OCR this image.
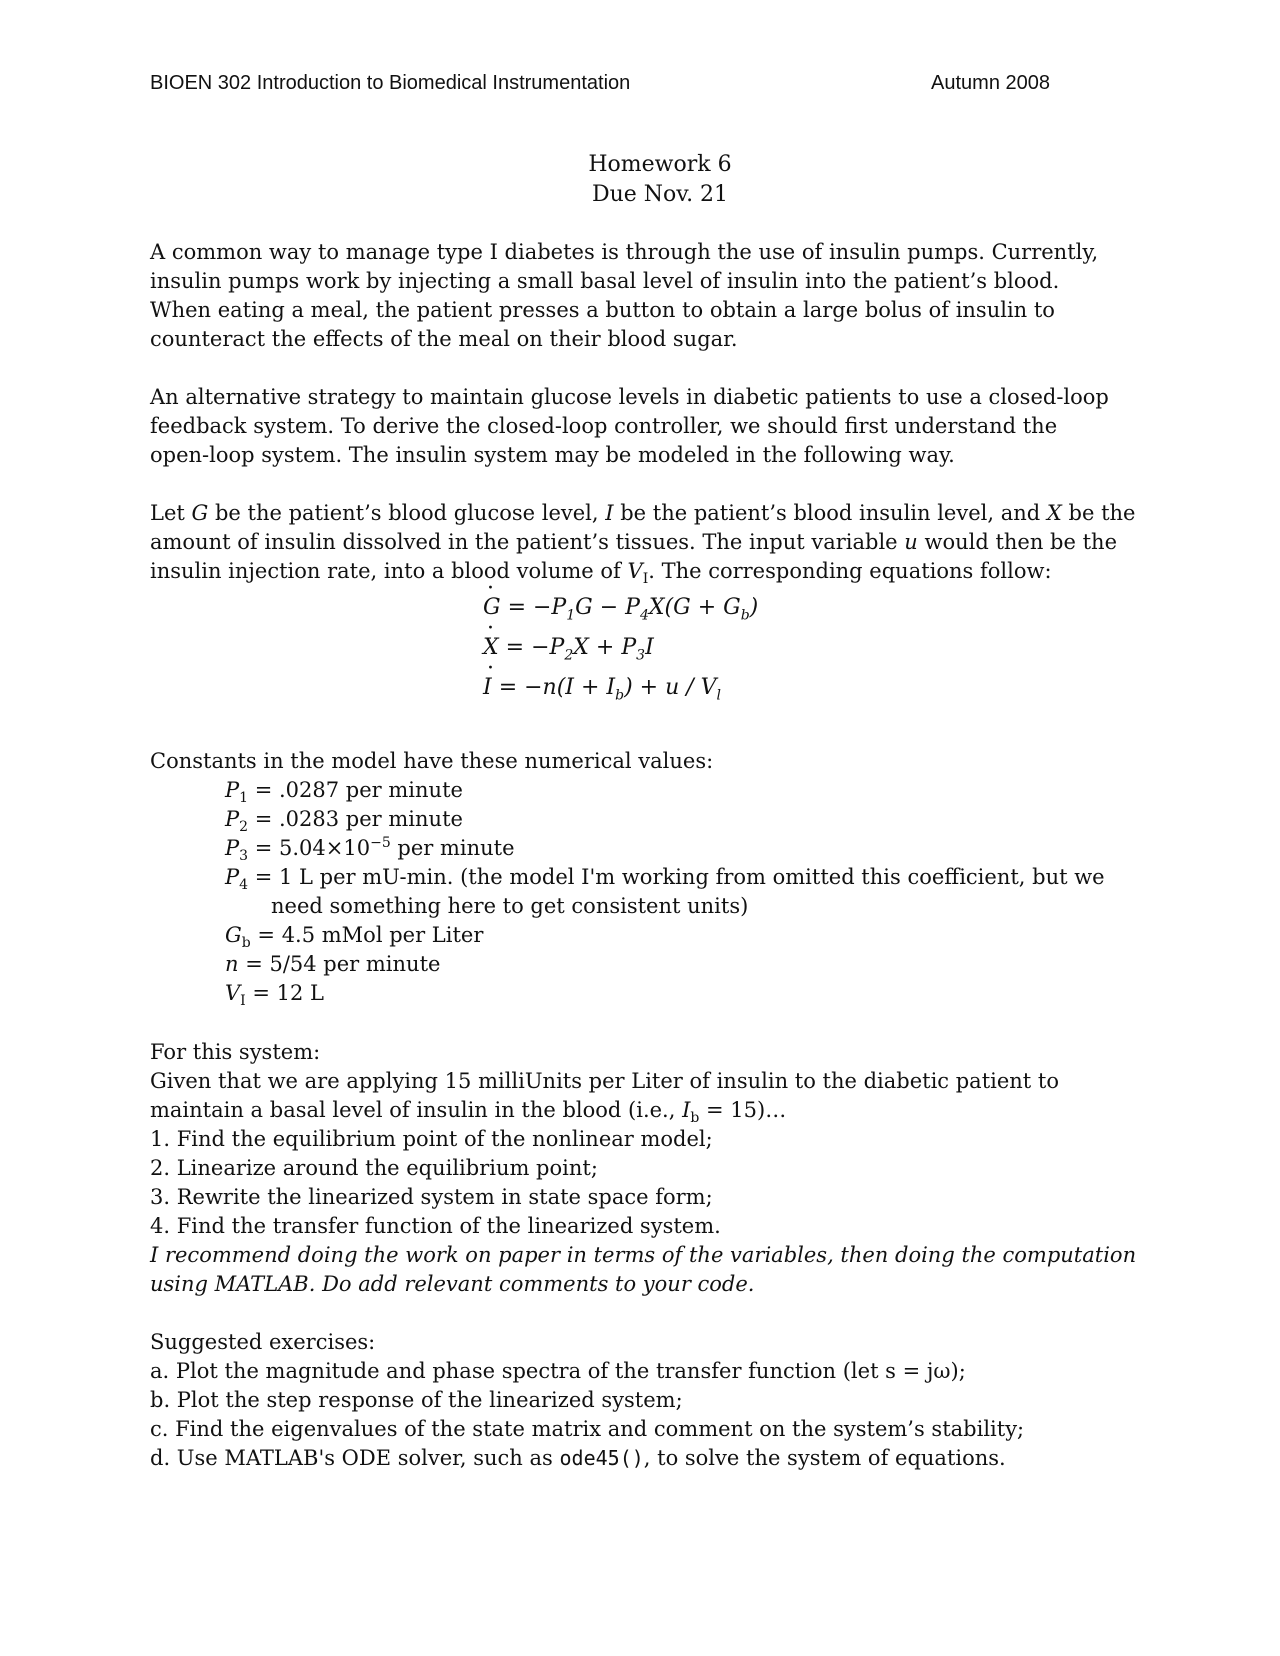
BIOEN 302 Introduction to Biomedical Instrumentation	Autumn 2008
Homework 6
Due Nov. 21
A common way to manage type I diabetes is through the use of insulin pumps. Currently,
insulin pumps work by injecting a small basal level of insulin into the patient’s blood.
When eating a meal, the patient presses a button to obtain a large bolus of insulin to
counteract the effects of the meal on their blood sugar.
An alternative strategy to maintain glucose levels in diabetic patients to use a closed-loop
feedback system. To derive the closed-loop controller, we should first understand the
open-loop system. The insulin system may be modeled in the following way.
Let G be the patient’s blood glucose level, I be the patient’s blood insulin level, and X be the
amount of insulin dissolved in the patient’s tissues. The input variable u would then be the
insulin injection rate, into a blood volume of $V_I$. The corresponding equations follow:
· $G = -P_1G - P_4X(G + G_b)$
· $X = -P_2X + P_3I$
· $I = -n(I + I_b) + u / V_l$
Constants in the model have these numerical values:
$P_1 = .0287$ per minute
$P_2 = .0283$ per minute
$P_3 = 5.04\times 10^{-5}$ per minute
$P_4 = 1$ L per mU-min. (the model I'm working from omitted this coefficient, but we
need something here to get consistent units)
$G_b = 4.5$ mMol per Liter
n = 5/54 per minute
$V_I = 12$ L
For this system:
Given that we are applying 15 milliUnits per Liter of insulin to the diabetic patient to
maintain a basal level of insulin in the blood (i.e., $I_b$ = 15)…
1. Find the equilibrium point of the nonlinear model;
2. Linearize around the equilibrium point;
3. Rewrite the linearized system in state space form;
4. Find the transfer function of the linearized system.
I recommend doing the work on paper in terms of the variables, then doing the computation
using MATLAB. Do add relevant comments to your code.
Suggested exercises:
a. Plot the magnitude and phase spectra of the transfer function (let s = jω);
b. Plot the step response of the linearized system;
c. Find the eigenvalues of the state matrix and comment on the system’s stability;
d. Use MATLAB's ODE solver, such as ode45(), to solve the system of equations.
